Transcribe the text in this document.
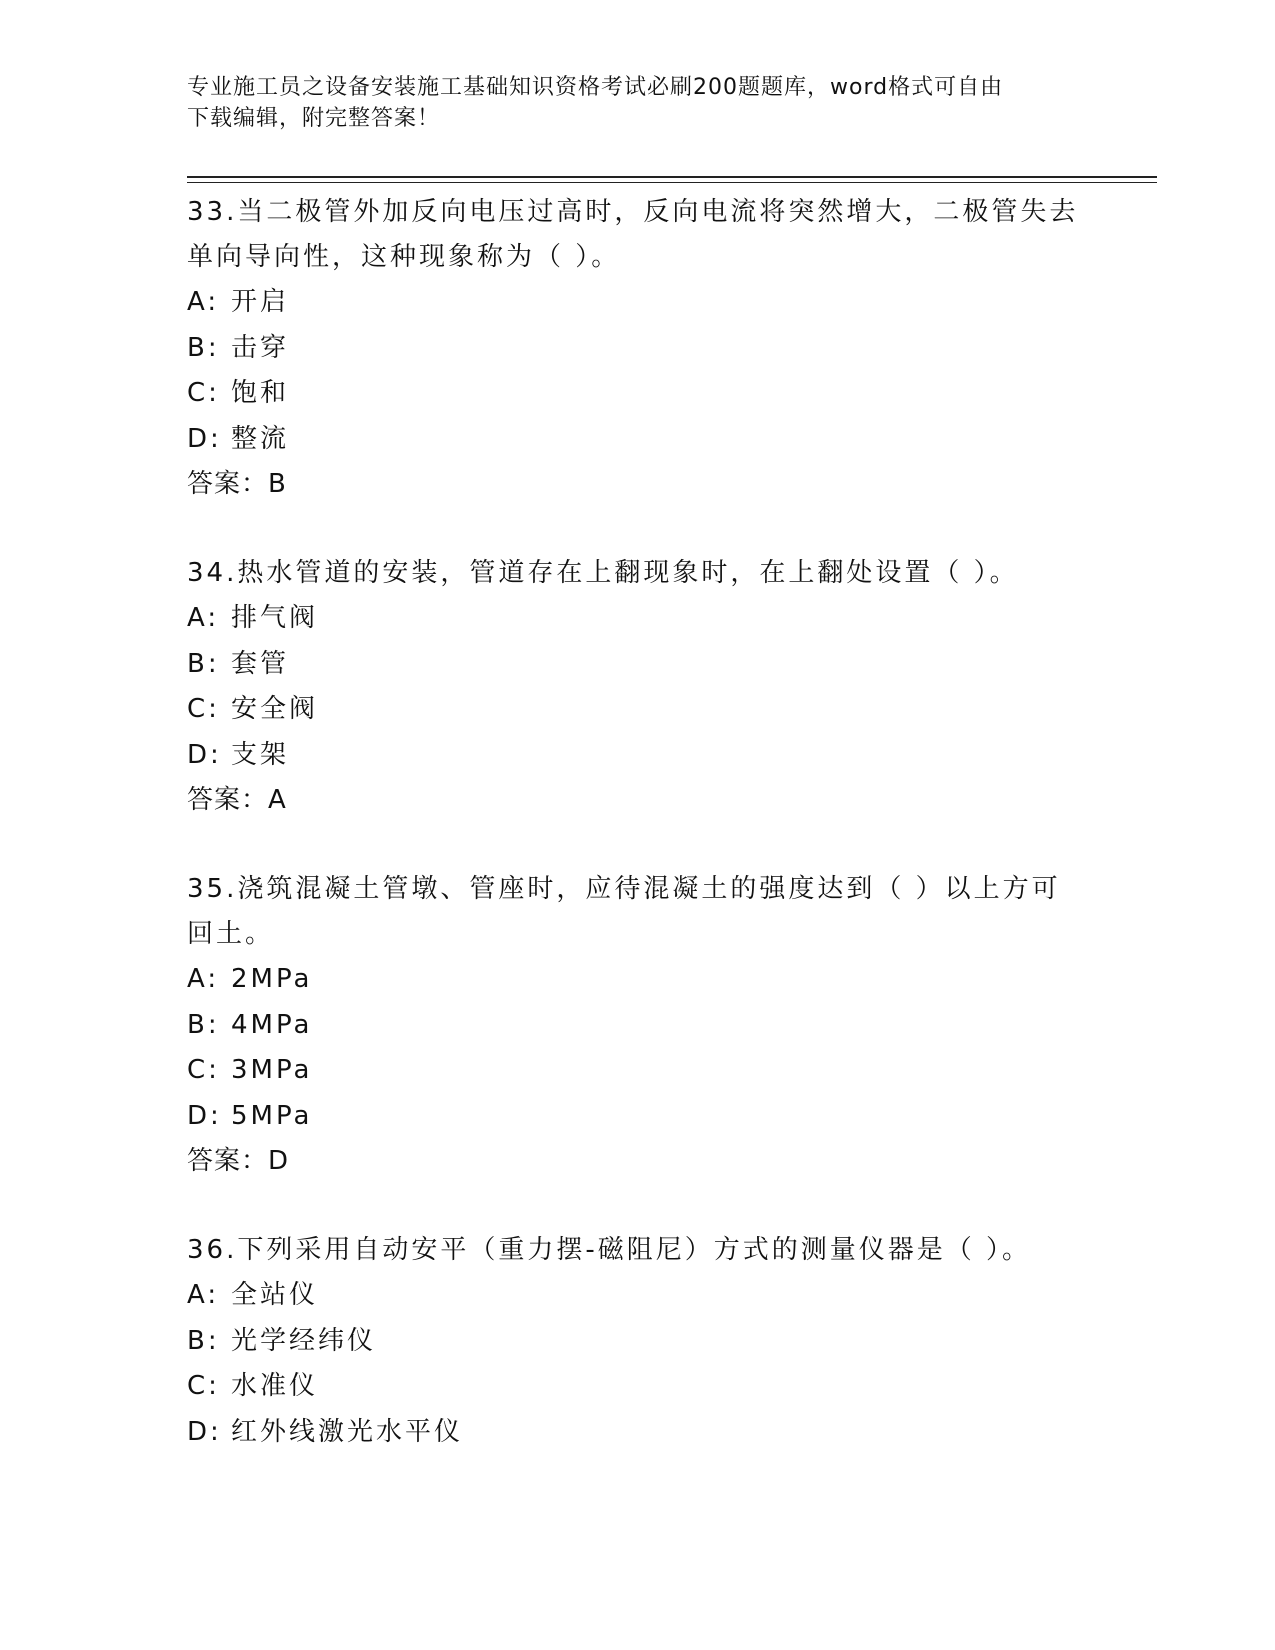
专业施工员之设备安装施工基础知识资格考试必刷200题题库，word格式可自由
下载编辑，附完整答案！

33.当二极管外加反向电压过高时，反向电流将突然增大，二极管失去
单向导向性，这种现象称为（ ）。

A: 开启

B: 击穿

C: 饱和

D: 整流

答案：B

34.热水管道的安装，管道存在上翻现象时，在上翻处设置（ ）。

A: 排气阀

B: 套管

C: 安全阀

D: 支架

答案：A

35.浇筑混凝土管墩、管座时，应待混凝土的强度达到（ ）以上方可
回土。

A: 2MPa

B: 4MPa

C: 3MPa

D: 5MPa

答案：D

36.下列采用自动安平（重力摆-磁阻尼）方式的测量仪器是（ ）。

A: 全站仪

B: 光学经纬仪

C: 水准仪

D: 红外线激光水平仪
